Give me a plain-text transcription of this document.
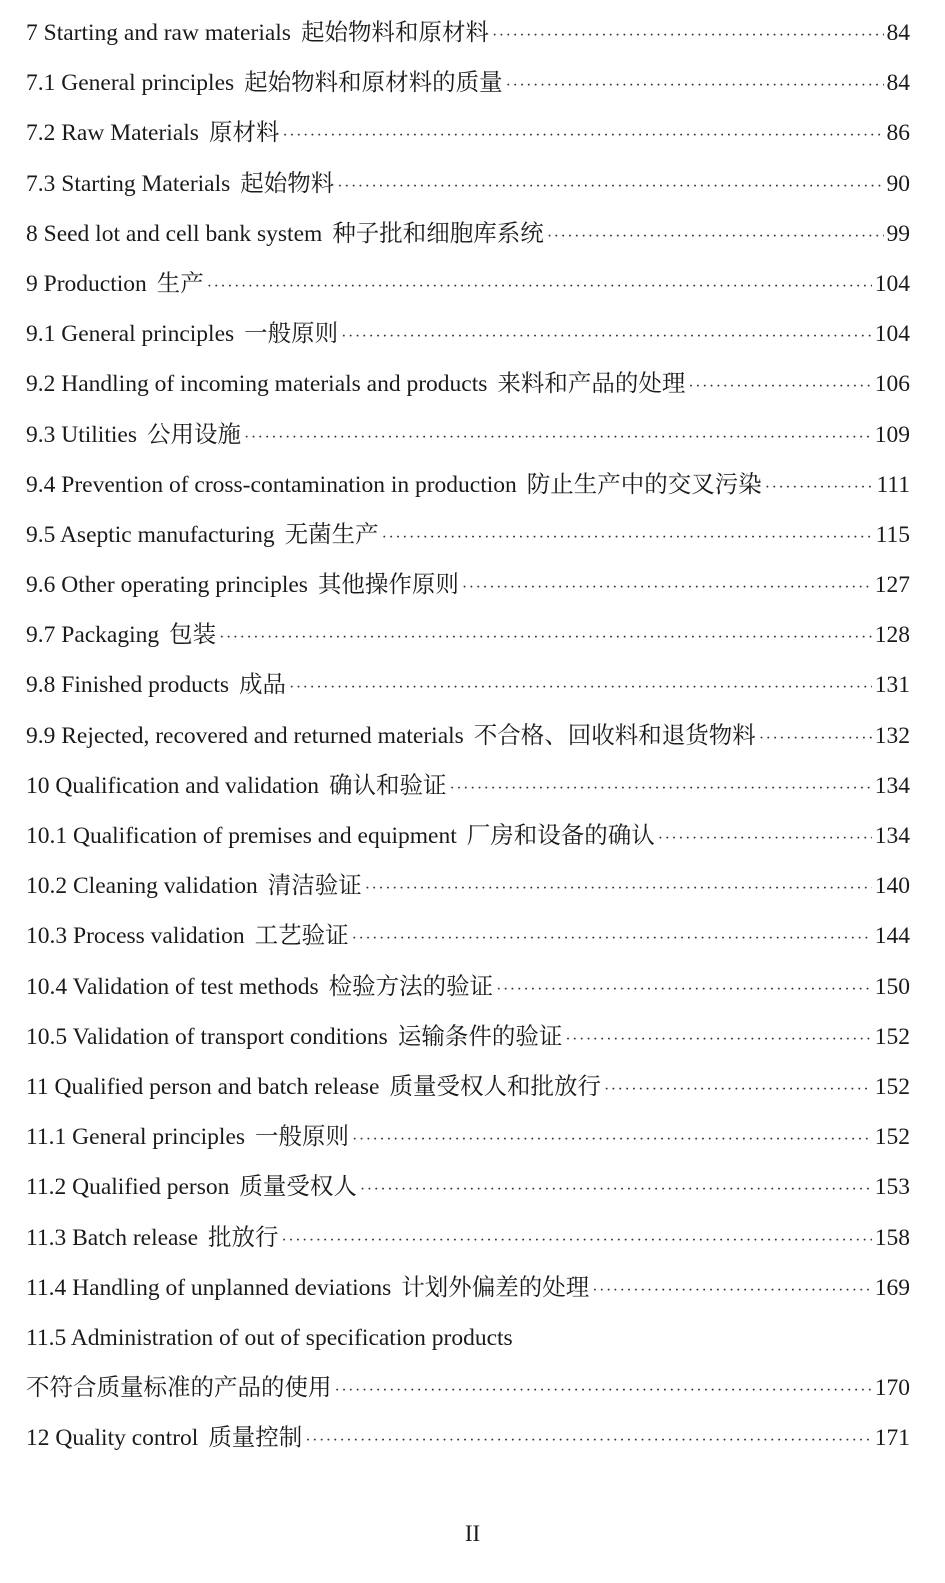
7 Starting and raw materials 起始物料和原材料 ·····	84
7.1 General principles 起始物料和原材料的质量 ·····	84
7.2 Raw Materials 原材料 ·····	86
7.3 Starting Materials 起始物料 ·····	90
8 Seed lot and cell bank system 种子批和细胞库系统 ·····	99
9 Production 生产 ·····	104
9.1 General principles 一般原则 ·····	104
9.2 Handling of incoming materials and products 来料和产品的处理 ·····	106
9.3 Utilities 公用设施 ·····	109
9.4 Prevention of cross-contamination in production 防止生产中的交叉污染 ·····	111
9.5 Aseptic manufacturing 无菌生产 ·····	115
9.6 Other operating principles 其他操作原则 ·····	127
9.7 Packaging 包装 ·····	128
9.8 Finished products 成品 ·····	131
9.9 Rejected, recovered and returned materials 不合格、回收料和退货物料 ·····	132
10 Qualification and validation 确认和验证 ·····	134
10.1 Qualification of premises and equipment 厂房和设备的确认 ·····	134
10.2 Cleaning validation 清洁验证 ·····	140
10.3 Process validation 工艺验证 ·····	144
10.4 Validation of test methods 检验方法的验证 ·····	150
10.5 Validation of transport conditions 运输条件的验证 ·····	152
11 Qualified person and batch release 质量受权人和批放行 ·····	152
11.1 General principles 一般原则 ·····	152
11.2 Qualified person 质量受权人 ·····	153
11.3 Batch release 批放行 ·····	158
11.4 Handling of unplanned deviations 计划外偏差的处理 ·····	169
11.5 Administration of out of specification products
不符合质量标准的产品的使用 ·····	170
12 Quality control 质量控制 ·····	171
II
